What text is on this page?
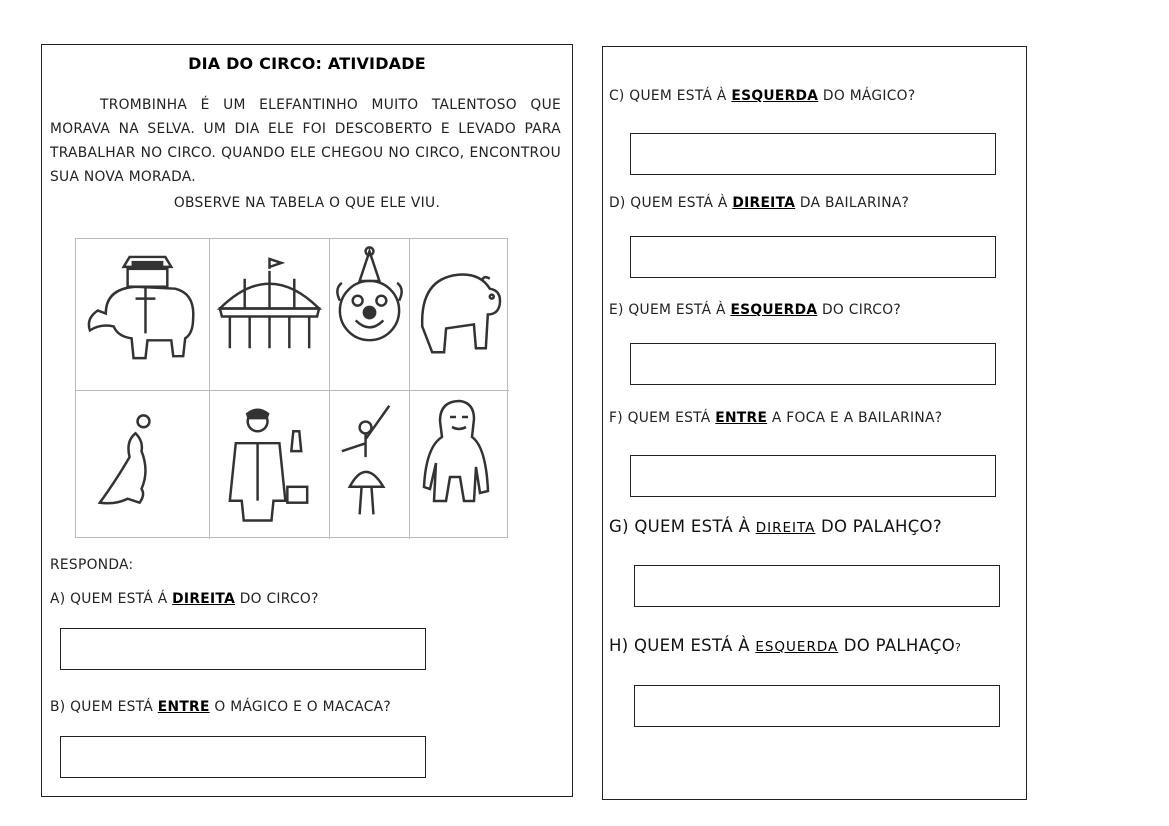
DIA DO CIRCO: ATIVIDADE
TROMBINHA É UM ELEFANTINHO MUITO TALENTOSO QUE MORAVA NA SELVA. UM DIA ELE FOI DESCOBERTO E LEVADO PARA TRABALHAR NO CIRCO. QUANDO ELE CHEGOU NO CIRCO, ENCONTROU SUA NOVA MORADA.
OBSERVE NA TABELA O QUE ELE VIU.
RESPONDA:
A) QUEM ESTÁ Á DIREITA DO CIRCO?
B) QUEM ESTÁ ENTRE O MÁGICO E O MACACA?
C) QUEM ESTÁ À ESQUERDA DO MÁGICO?
D) QUEM ESTÁ À DIREITA DA BAILARINA?
E) QUEM ESTÁ À ESQUERDA DO CIRCO?
F) QUEM ESTÁ ENTRE A FOCA E A BAILARINA?
G) QUEM ESTÁ À DIREITA DO PALAHÇO?
H) QUEM ESTÁ À ESQUERDA DO PALHAÇO?
